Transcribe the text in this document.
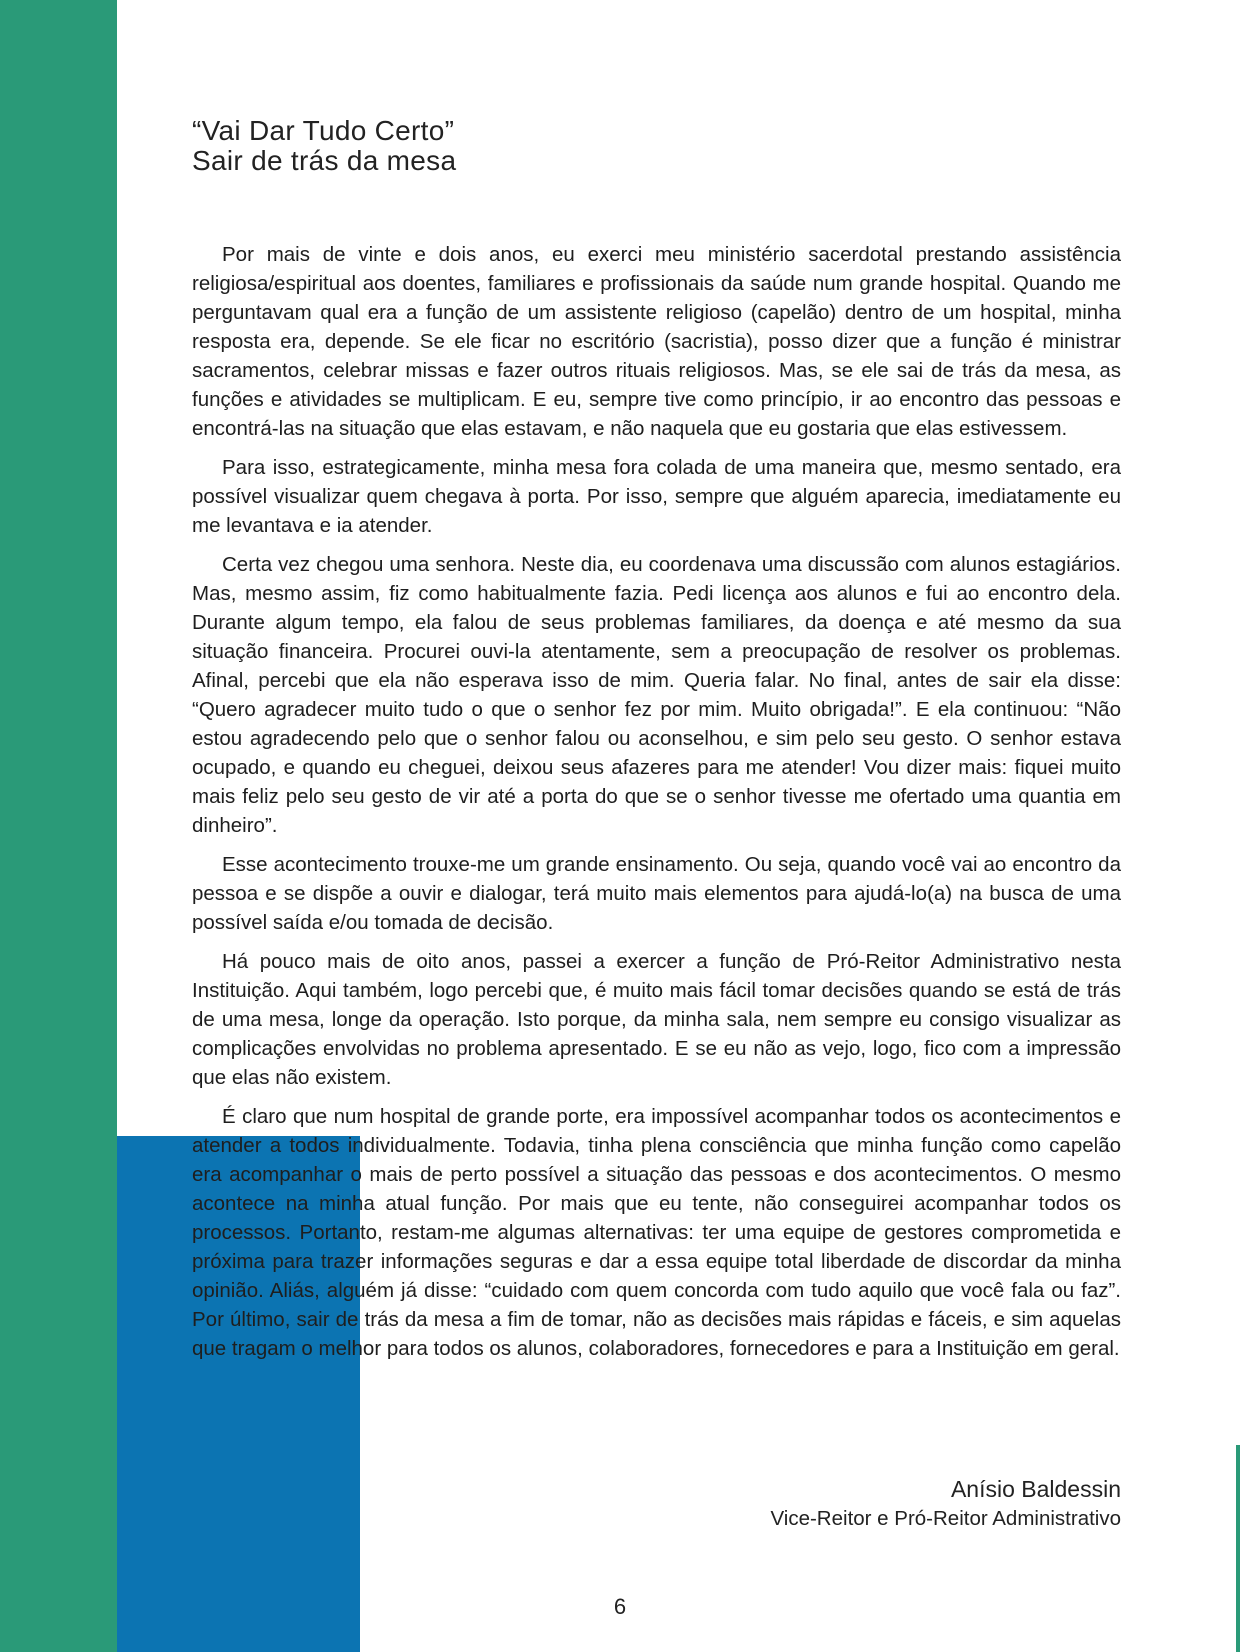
“Vai Dar Tudo Certo”
Sair de trás da mesa

Por mais de vinte e dois anos, eu exerci meu ministério sacerdotal prestando assistência religiosa/espiritual aos doentes, familiares e profissionais da saúde num grande hospital. Quando me perguntavam qual era a função de um assistente religioso (capelão) dentro de um hospital, minha resposta era, depende. Se ele ficar no escritório (sacristia), posso dizer que a função é ministrar sacramentos, celebrar missas e fazer outros rituais religiosos. Mas, se ele sai de trás da mesa, as funções e atividades se multiplicam. E eu, sempre tive como princípio, ir ao encontro das pessoas e encontrá-las na situação que elas estavam, e não naquela que eu gostaria que elas estivessem.

Para isso, estrategicamente, minha mesa fora colada de uma maneira que, mesmo sentado, era possível visualizar quem chegava à porta. Por isso, sempre que alguém aparecia, imediatamente eu me levantava e ia atender.

Certa vez chegou uma senhora. Neste dia, eu coordenava uma discussão com alunos estagiários. Mas, mesmo assim, fiz como habitualmente fazia. Pedi licença aos alunos e fui ao encontro dela. Durante algum tempo, ela falou de seus problemas familiares, da doença e até mesmo da sua situação financeira. Procurei ouvi-la atentamente, sem a preocupação de resolver os problemas. Afinal, percebi que ela não esperava isso de mim. Queria falar. No final, antes de sair ela disse: “Quero agradecer muito tudo o que o senhor fez por mim. Muito obrigada!”. E ela continuou: “Não estou agradecendo pelo que o senhor falou ou aconselhou, e sim pelo seu gesto. O senhor estava ocupado, e quando eu cheguei, deixou seus afazeres para me atender! Vou dizer mais: fiquei muito mais feliz pelo seu gesto de vir até a porta do que se o senhor tivesse me ofertado uma quantia em dinheiro”.

Esse acontecimento trouxe-me um grande ensinamento. Ou seja, quando você vai ao encontro da pessoa e se dispõe a ouvir e dialogar, terá muito mais elementos para ajudá-lo(a) na busca de uma possível saída e/ou tomada de decisão.

Há pouco mais de oito anos, passei a exercer a função de Pró-Reitor Administrativo nesta Instituição. Aqui também, logo percebi que, é muito mais fácil tomar decisões quando se está de trás de uma mesa, longe da operação. Isto porque, da minha sala, nem sempre eu consigo visualizar as complicações envolvidas no problema apresentado. E se eu não as vejo, logo, fico com a impressão que elas não existem.

É claro que num hospital de grande porte, era impossível acompanhar todos os acontecimentos e atender a todos individualmente. Todavia, tinha plena consciência que minha função como capelão era acompanhar o mais de perto possível a situação das pessoas e dos acontecimentos. O mesmo acontece na minha atual função. Por mais que eu tente, não conseguirei acompanhar todos os processos. Portanto, restam-me algumas alternativas: ter uma equipe de gestores comprometida e próxima para trazer informações seguras e dar a essa equipe total liberdade de discordar da minha opinião. Aliás, alguém já disse: “cuidado com quem concorda com tudo aquilo que você fala ou faz”. Por último, sair de trás da mesa a fim de tomar, não as decisões mais rápidas e fáceis, e sim aquelas que tragam o melhor para todos os alunos, colaboradores, fornecedores e para a Instituição em geral.

Anísio Baldessin
Vice-Reitor e Pró-Reitor Administrativo
6
